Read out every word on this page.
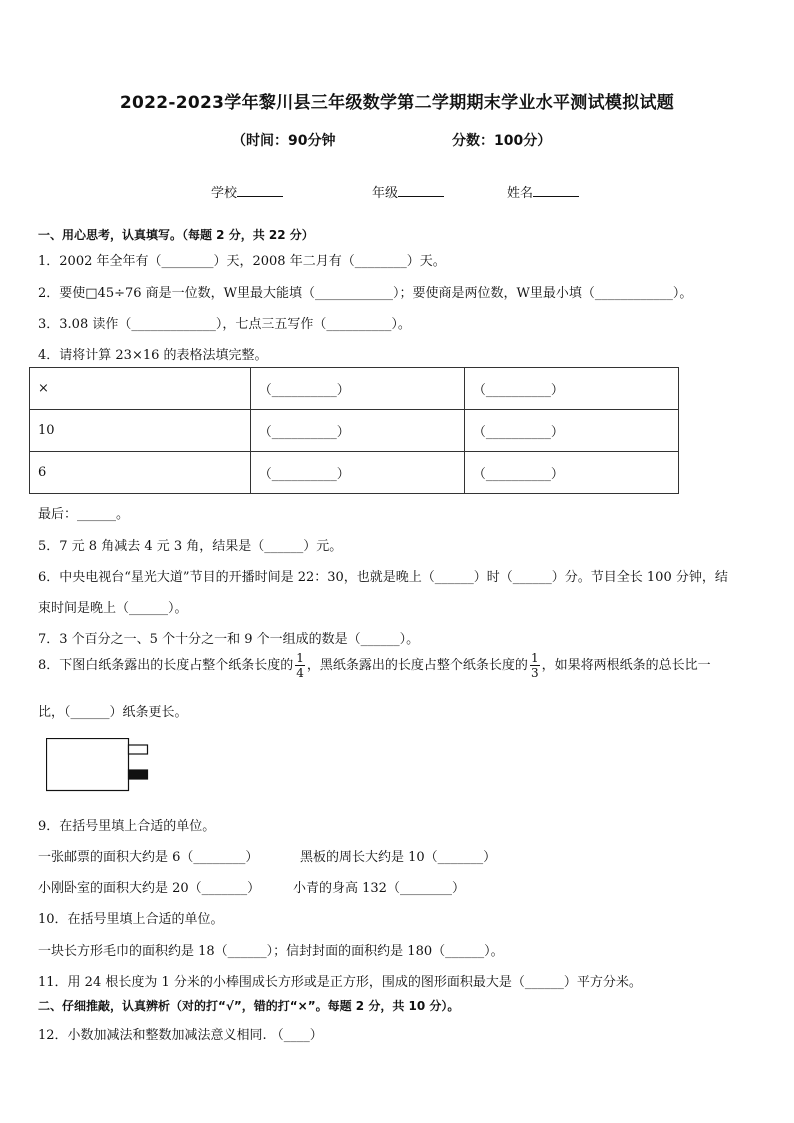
2022-2023学年黎川县三年级数学第二学期期末学业水平测试模拟试题
（时间：90分钟	分数：100分）
学校	年级	姓名
一、用心思考，认真填写。（每题 2 分，共 22 分）
1．2002 年全年有（________）天，2008 年二月有（________）天。
2．要使□45÷76 商是一位数，W里最大能填（____________）；要使商是两位数，W里最小填（____________）。
3．3.08 读作（_____________），七点三五写作（__________）。
4．请将计算 23×16 的表格法填完整。
×	（__________）	（__________）
10	（__________）	（__________）
6	（__________）	（__________）
最后：______。
5．7 元 8 角减去 4 元 3 角，结果是（______）元。
6．中央电视台“星光大道”节目的开播时间是 22：30，也就是晚上（______）时（______）分。节目全长 100 分钟，结
束时间是晚上（______）。
7．3 个百分之一、5 个十分之一和 9 个一组成的数是（______）。
8．下图白纸条露出的长度占整个纸条长度的 $\frac{1}{4}$ ，黑纸条露出的长度占整个纸条长度的 $\frac{1}{3}$ ，如果将两根纸条的总长比一
比，（______）纸条更长。
9．在括号里填上合适的单位。
一张邮票的面积大约是 6（________）	黑板的周长大约是 10（_______）
小刚卧室的面积大约是 20（_______）	小青的身高 132（________）
10．在括号里填上合适的单位。
一块长方形毛巾的面积约是 18（______）；信封封面的面积约是 180（______）。
11．用 24 根长度为 1 分米的小棒围成长方形或是正方形，围成的图形面积最大是（______）平方分米。
二、仔细推敲，认真辨析（对的打“√”，错的打“×”。每题 2 分，共 10 分）。
12．小数加减法和整数加减法意义相同. （____）
